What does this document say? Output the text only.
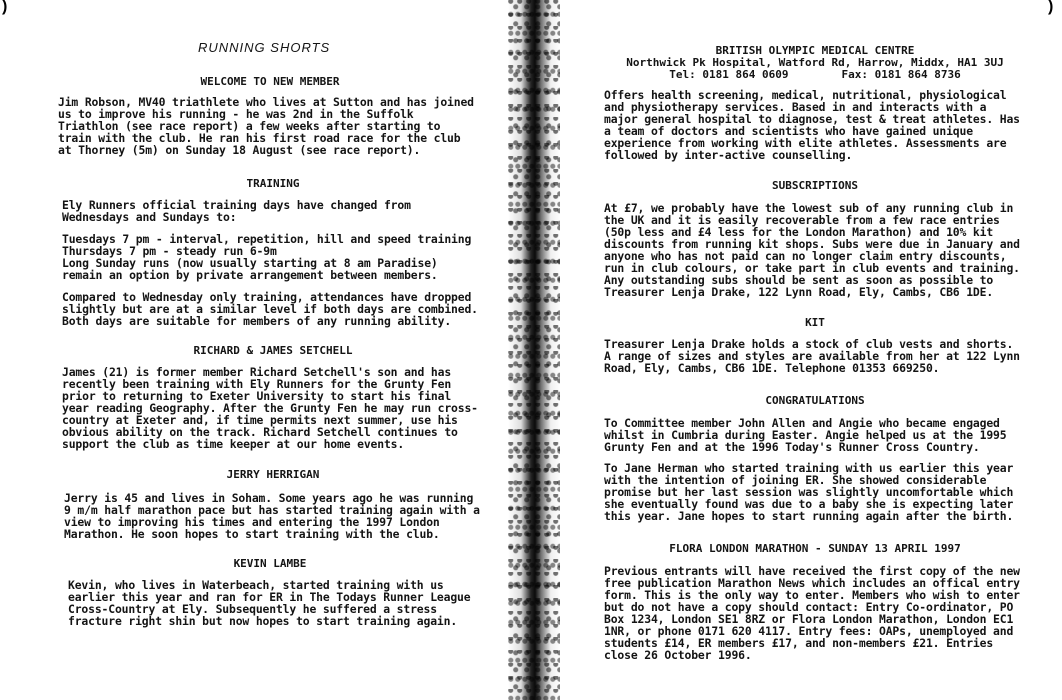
)
RUNNING SHORTS
WELCOME TO NEW MEMBER

Jim Robson, MV40 triathlete who lives at Sutton and has joined
us to improve his running - he was 2nd in the Suffolk
Triathlon (see race report) a few weeks after starting to
train with the club. He ran his first road race for the club
at Thorney (5m) on Sunday 18 August (see race report).

TRAINING

Ely Runners official training days have changed from
Wednesdays and Sundays to:

Tuesdays 7 pm - interval, repetition, hill and speed training
Thursdays 7 pm - steady run 6-9m
Long Sunday runs (now usually starting at 8 am Paradise)
remain an option by private arrangement between members.

Compared to Wednesday only training, attendances have dropped
slightly but are at a similar level if both days are combined.
Both days are suitable for members of any running ability.

RICHARD & JAMES SETCHELL

James (21) is former member Richard Setchell's son and has
recently been training with Ely Runners for the Grunty Fen
prior to returning to Exeter University to start his final
year reading Geography. After the Grunty Fen he may run cross-
country at Exeter and, if time permits next summer, use his
obvious ability on the track. Richard Setchell continues to
support the club as time keeper at our home events.

JERRY HERRIGAN

Jerry is 45 and lives in Soham. Some years ago he was running
9 m/m half marathon pace but has started training again with a
view to improving his times and entering the 1997 London
Marathon. He soon hopes to start training with the club.

KEVIN LAMBE

Kevin, who lives in Waterbeach, started training with us
earlier this year and ran for ER in The Todays Runner League
Cross-Country at Ely. Subsequently he suffered a stress
fracture right shin but now hopes to start training again.

)

BRITISH OLYMPIC MEDICAL CENTRE

Northwick Pk Hospital, Watford Rd, Harrow, Middx, HA1 3UJ

Tel: 0181 864 0609        Fax: 0181 864 8736

Offers health screening, medical, nutritional, physiological
and physiotherapy services. Based in and interacts with a
major general hospital to diagnose, test & treat athletes. Has
a team of doctors and scientists who have gained unique
experience from working with elite athletes. Assessments are
followed by inter-active counselling.

SUBSCRIPTIONS

At £7, we probably have the lowest sub of any running club in
the UK and it is easily recoverable from a few race entries
(50p less and £4 less for the London Marathon) and 10% kit
discounts from running kit shops. Subs were due in January and
anyone who has not paid can no longer claim entry discounts,
run in club colours, or take part in club events and training.
Any outstanding subs should be sent as soon as possible to
Treasurer Lenja Drake, 122 Lynn Road, Ely, Cambs, CB6 1DE.

KIT

Treasurer Lenja Drake holds a stock of club vests and shorts.
A range of sizes and styles are available from her at 122 Lynn
Road, Ely, Cambs, CB6 1DE. Telephone 01353 669250.

CONGRATULATIONS

To Committee member John Allen and Angie who became engaged
whilst in Cumbria during Easter. Angie helped us at the 1995
Grunty Fen and at the 1996 Today's Runner Cross Country.

To Jane Herman who started training with us earlier this year
with the intention of joining ER. She showed considerable
promise but her last session was slightly uncomfortable which
she eventually found was due to a baby she is expecting later
this year. Jane hopes to start running again after the birth.

FLORA LONDON MARATHON - SUNDAY 13 APRIL 1997

Previous entrants will have received the first copy of the new
free publication Marathon News which includes an offical entry
form. This is the only way to enter. Members who wish to enter
but do not have a copy should contact: Entry Co-ordinator, PO
Box 1234, London SE1 8RZ or Flora London Marathon, London EC1
1NR, or phone 0171 620 4117. Entry fees: OAPs, unemployed and
students £14, ER members £17, and non-members £21. Entries
close 26 October 1996.
